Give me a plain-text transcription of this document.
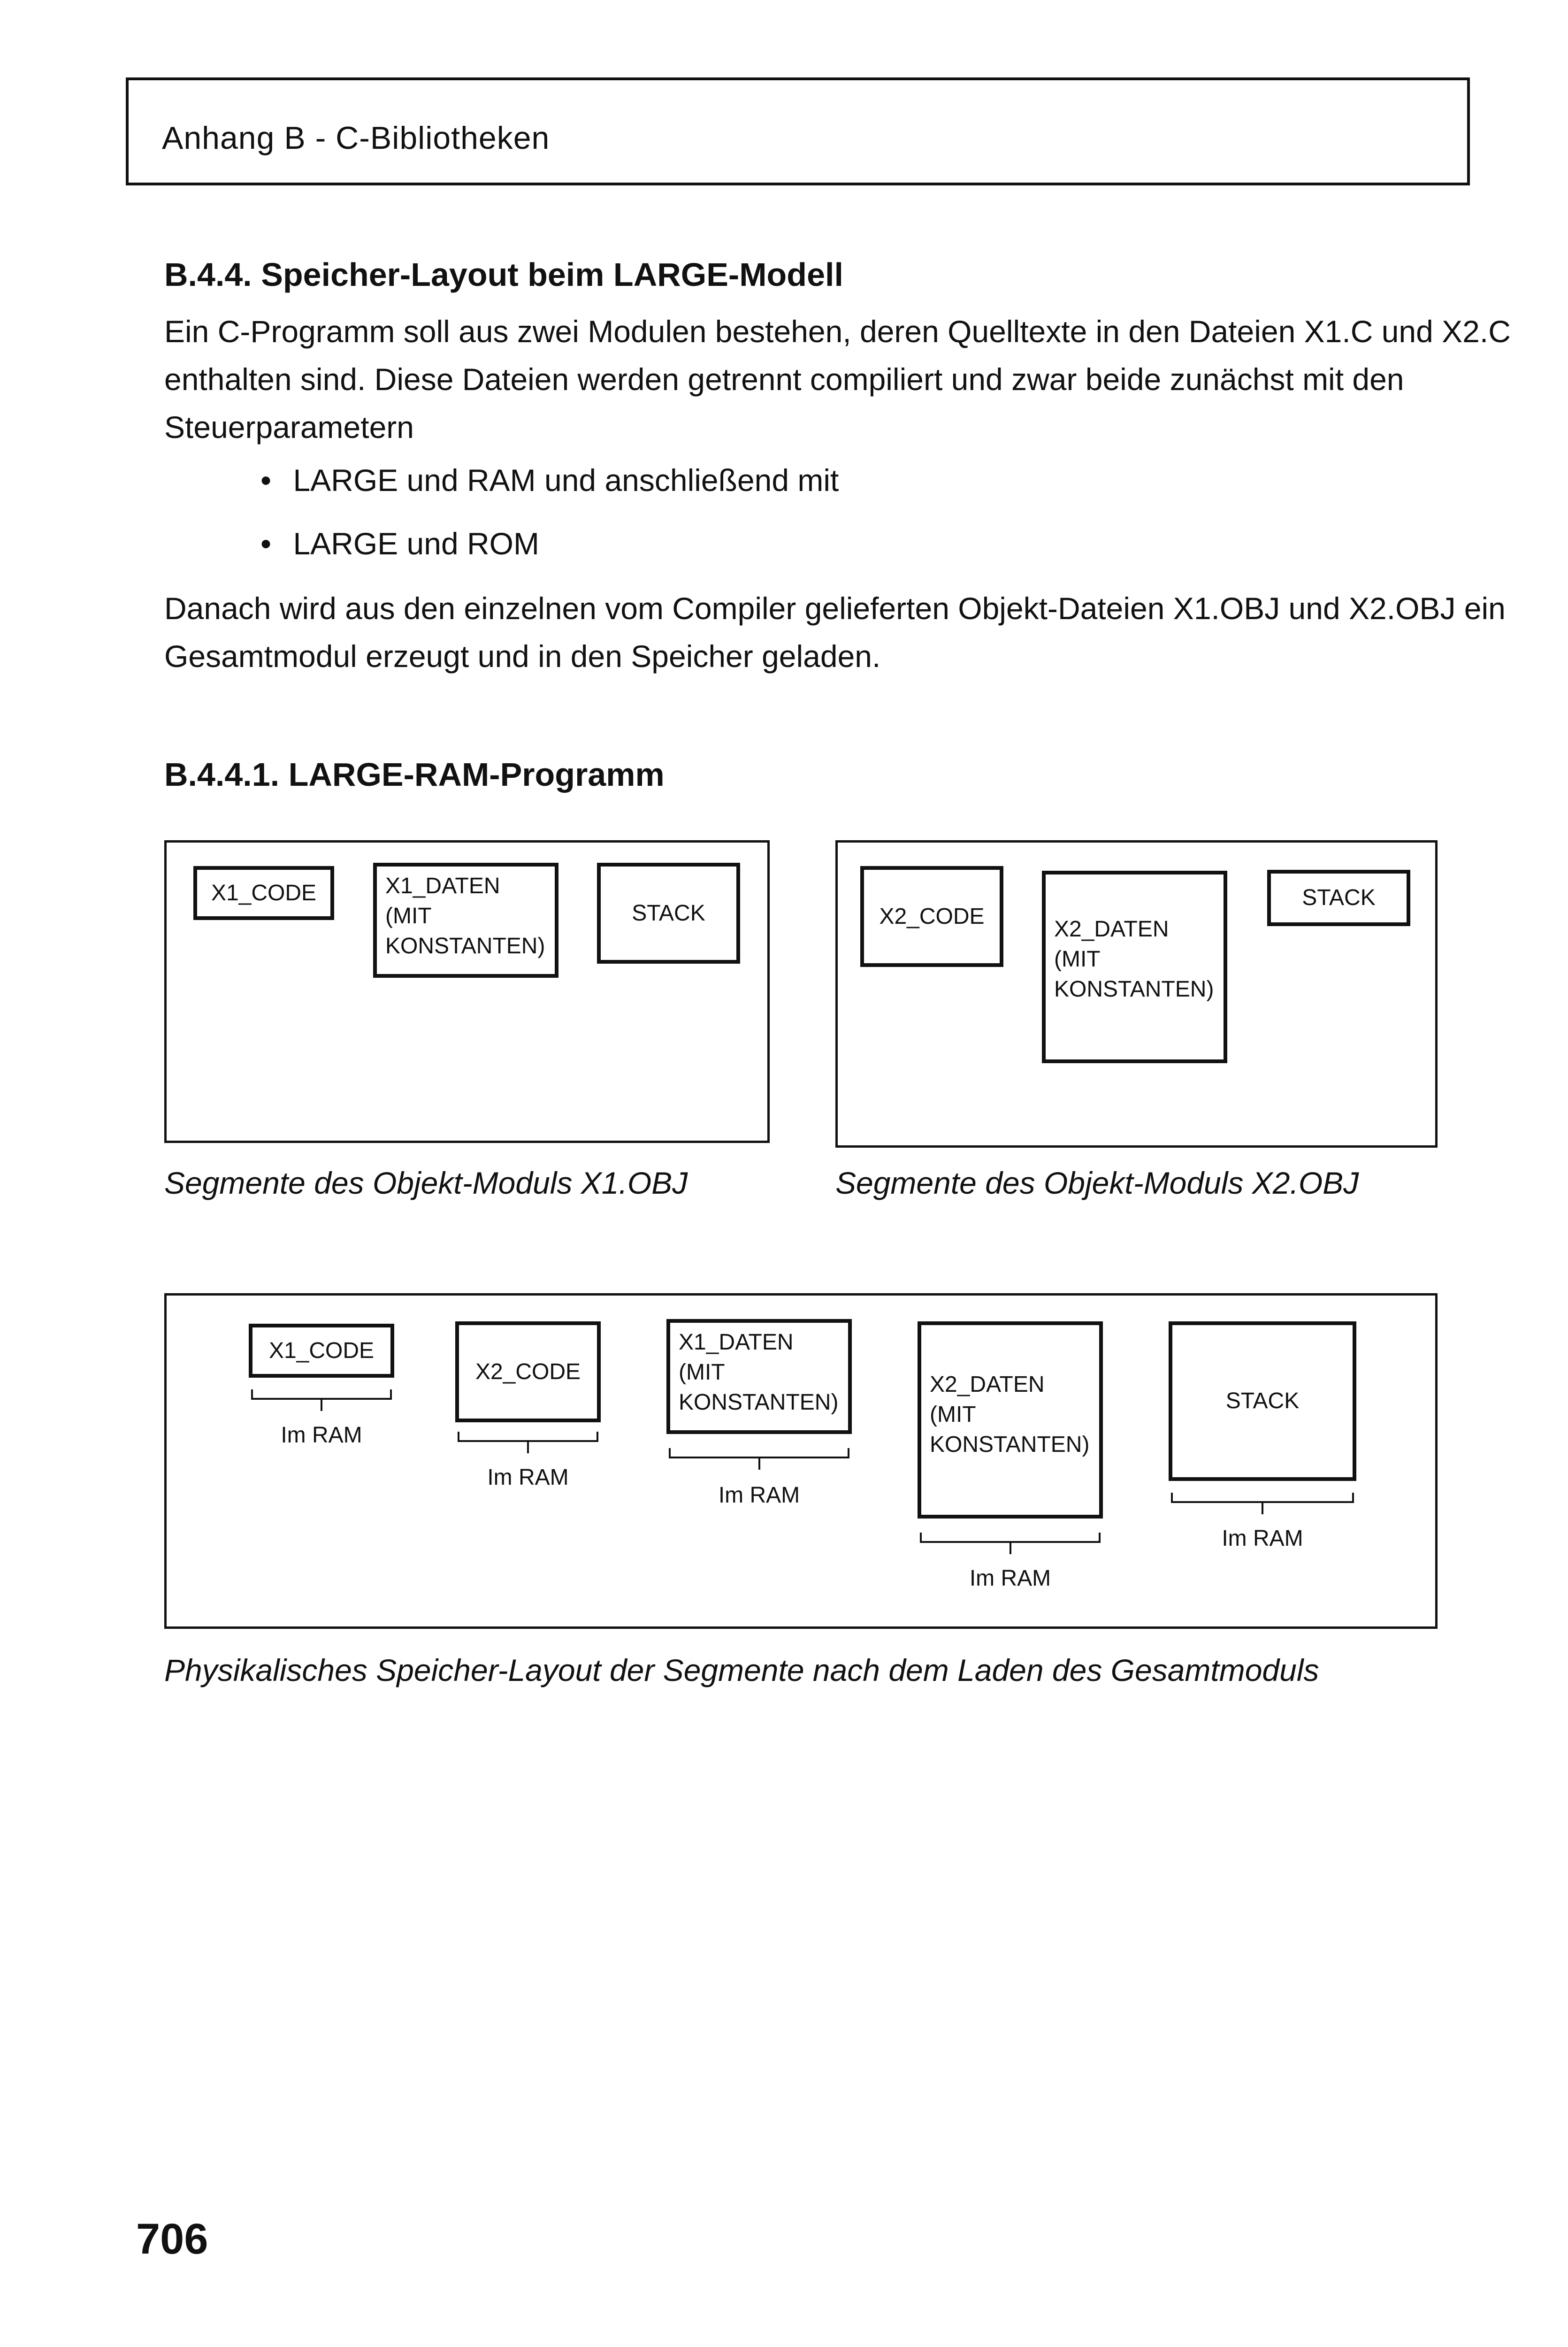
Anhang B - C-Bibliotheken
B.4.4. Speicher-Layout beim LARGE-Modell
Ein C-Programm soll aus zwei Modulen bestehen, deren Quelltexte in den Dateien X1.C und X2.C
enthalten sind. Diese Dateien werden getrennt compiliert und zwar beide zunächst mit den
Steuerparametern
• LARGE und RAM und anschließend mit
• LARGE und ROM
Danach wird aus den einzelnen vom Compiler gelieferten Objekt-Dateien X1.OBJ und X2.OBJ ein
Gesamtmodul erzeugt und in den Speicher geladen.
B.4.4.1. LARGE-RAM-Programm
X1_CODE	X1_DATEN
(MIT
KONSTANTEN)
STACK
Segmente des Objekt-Moduls X1.OBJ
X2_CODE
X2_DATEN
(MIT
KONSTANTEN)
STACK
Segmente des Objekt-Moduls X2.OBJ
X1_CODE
Im RAM
X2_CODE
Im RAM
X1_DATEN
(MIT
KONSTANTEN)
Im RAM
X2_DATEN
(MIT
KONSTANTEN)
Im RAM
STACK
Im RAM
Physikalisches Speicher-Layout der Segmente nach dem Laden des Gesamtmoduls
706
